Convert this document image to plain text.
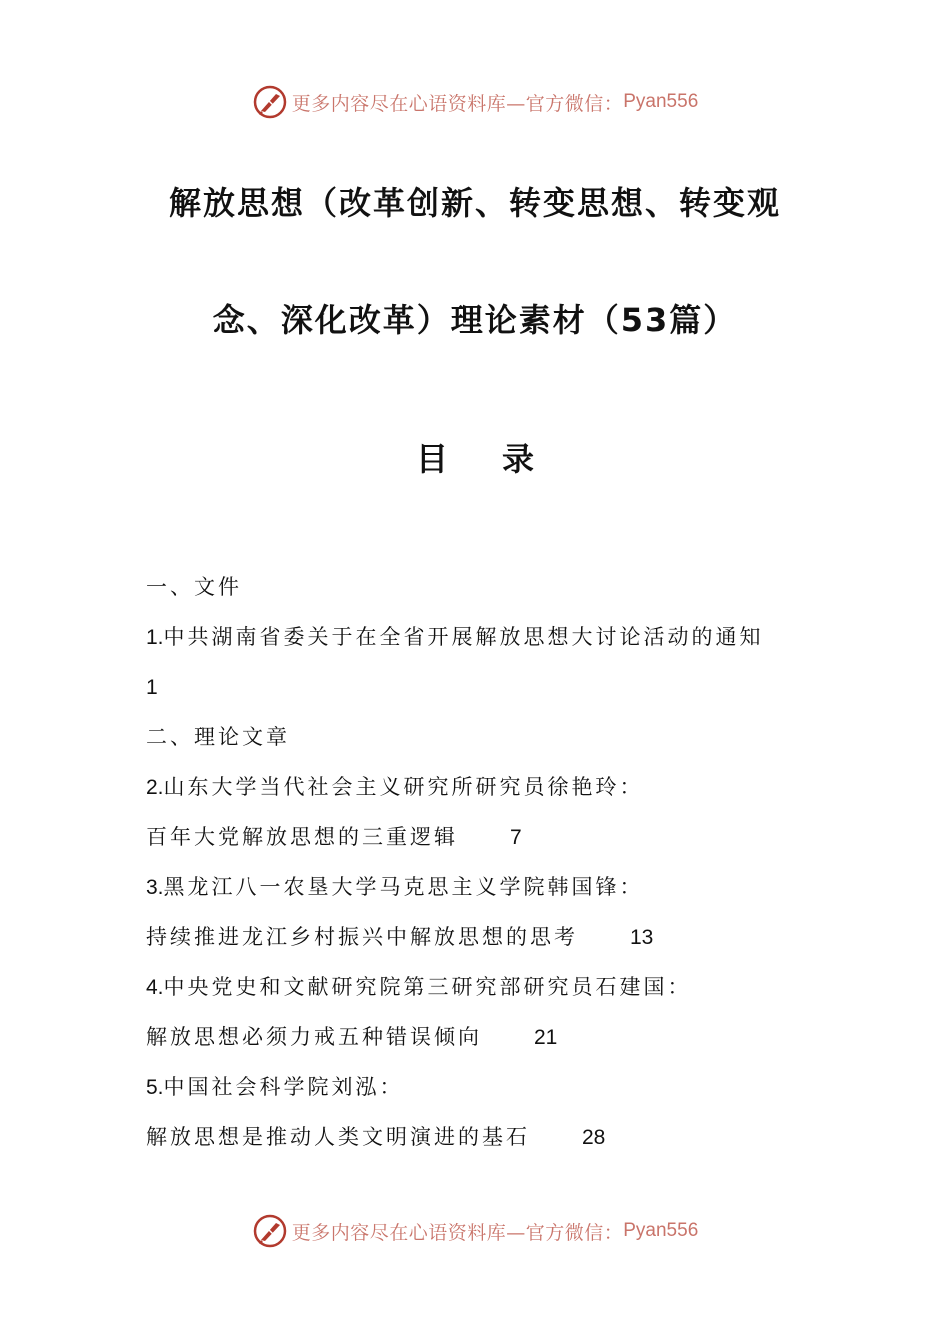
更多内容尽在心语资料库—官方微信： Pyan556
解放思想（改革创新、转变思想、转变观
念、深化改革）理论素材（53篇）
目 录
一、文件
1.中共湖南省委关于在全省开展解放思想大讨论活动的通知
1
二、理论文章
2.山东大学当代社会主义研究所研究员徐艳玲：
百年大党解放思想的三重逻辑 7
3.黑龙江八一农垦大学马克思主义学院韩国锋：
持续推进龙江乡村振兴中解放思想的思考 13
4.中央党史和文献研究院第三研究部研究员石建国：
解放思想必须力戒五种错误倾向 21
5.中国社会科学院刘泓：
解放思想是推动人类文明演进的基石 28
更多内容尽在心语资料库—官方微信： Pyan556
